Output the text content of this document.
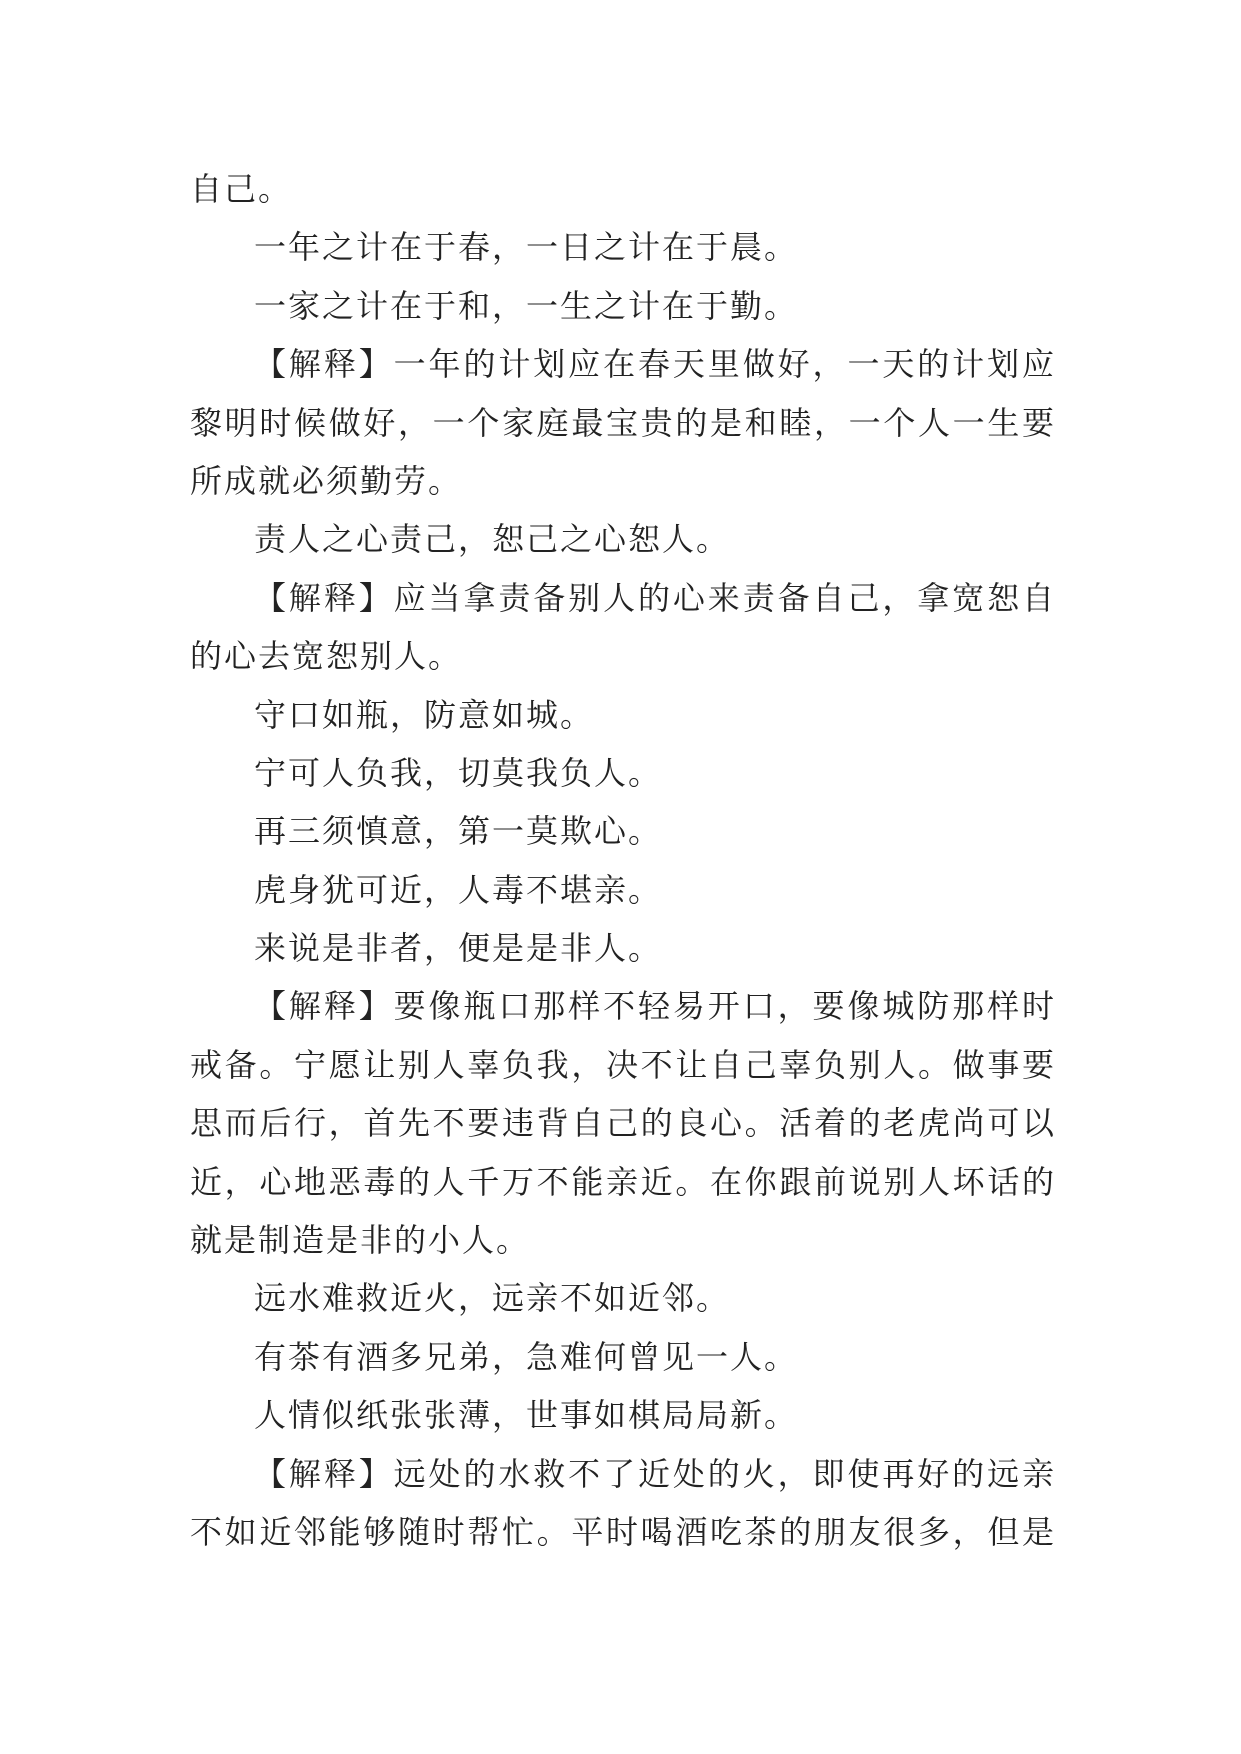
自己。
一年之计在于春，一日之计在于晨。
一家之计在于和，一生之计在于勤。
【解释】一年的计划应在春天里做好，一天的计划应
黎明时候做好，一个家庭最宝贵的是和睦，一个人一生要
所成就必须勤劳。
责人之心责己，恕己之心恕人。
【解释】应当拿责备别人的心来责备自己，拿宽恕自
的心去宽恕别人。
守口如瓶，防意如城。
宁可人负我，切莫我负人。
再三须慎意，第一莫欺心。
虎身犹可近，人毒不堪亲。
来说是非者，便是是非人。
【解释】要像瓶口那样不轻易开口，要像城防那样时
戒备。宁愿让别人辜负我，决不让自己辜负别人。做事要
思而后行，首先不要违背自己的良心。活着的老虎尚可以
近，心地恶毒的人千万不能亲近。在你跟前说别人坏话的
就是制造是非的小人。
远水难救近火，远亲不如近邻。
有茶有酒多兄弟，急难何曾见一人。
人情似纸张张薄，世事如棋局局新。
【解释】远处的水救不了近处的火，即使再好的远亲
不如近邻能够随时帮忙。平时喝酒吃茶的朋友很多，但是
